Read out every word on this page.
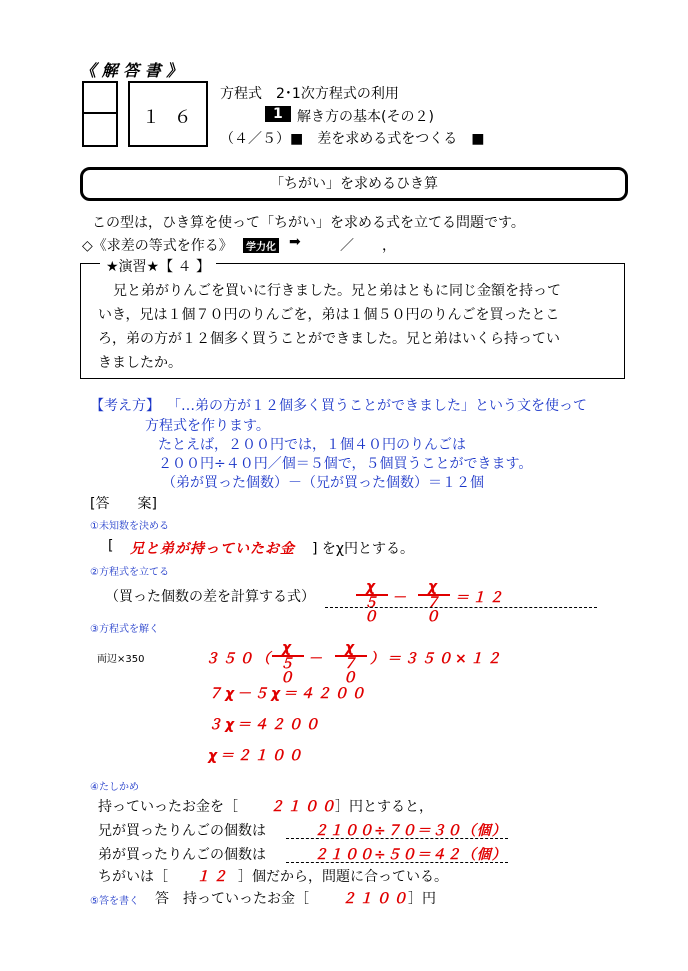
《 解 答 書 》
１ ６
方程式　2･1次方程式の利用
1	解き方の基本(その２)
（４／５）■　差を求める式をつくる　■
「ちがい」を求めるひき算
この型は，ひき算を使って「ちがい」を求める式を立てる問題です。
◇《求差の等式を作る》	学力化 ➡	／　　，
★演習★【 ４ 】
兄と弟がりんごを買いに行きました。兄と弟はともに同じ金額を持って
いき，兄は１個７０円のりんごを，弟は１個５０円のりんごを買ったとこ
ろ，弟の方が１２個多く買うことができました。兄と弟はいくら持ってい
きましたか。
【考え方】 「…弟の方が１２個多く買うことができました」という文を使って
方程式を作ります。
たとえば，２００円では，１個４０円のりんごは
２００円÷４０円／個＝５個で，５個買うことができます。
（弟が買った個数）－（兄が買った個数）＝１２個
[答　　案]
①未知数を決める
[ 兄と弟が持っていたお金 ] をχ円とする。
②方程式を立てる
（買った個数の差を計算する式）
χ
５０
－
χ
７０
＝１２
③方程式を解く
両辺×350	３５０（
χ
５０
－
χ
７０
）＝３５０×１２
７χ－５χ＝４２００
３χ＝４２００
χ＝２１００
④たしかめ
持っていったお金を［ ２１００
］円とすると，
兄が買ったりんごの個数は	２１００÷７０＝３０（個）
弟が買ったりんごの個数は	２１００÷５０＝４２（個）
ちがいは［ １２ ］個だから，問題に合っている。
⑤答を書く 答　持っていったお金［ ２１００
］円
